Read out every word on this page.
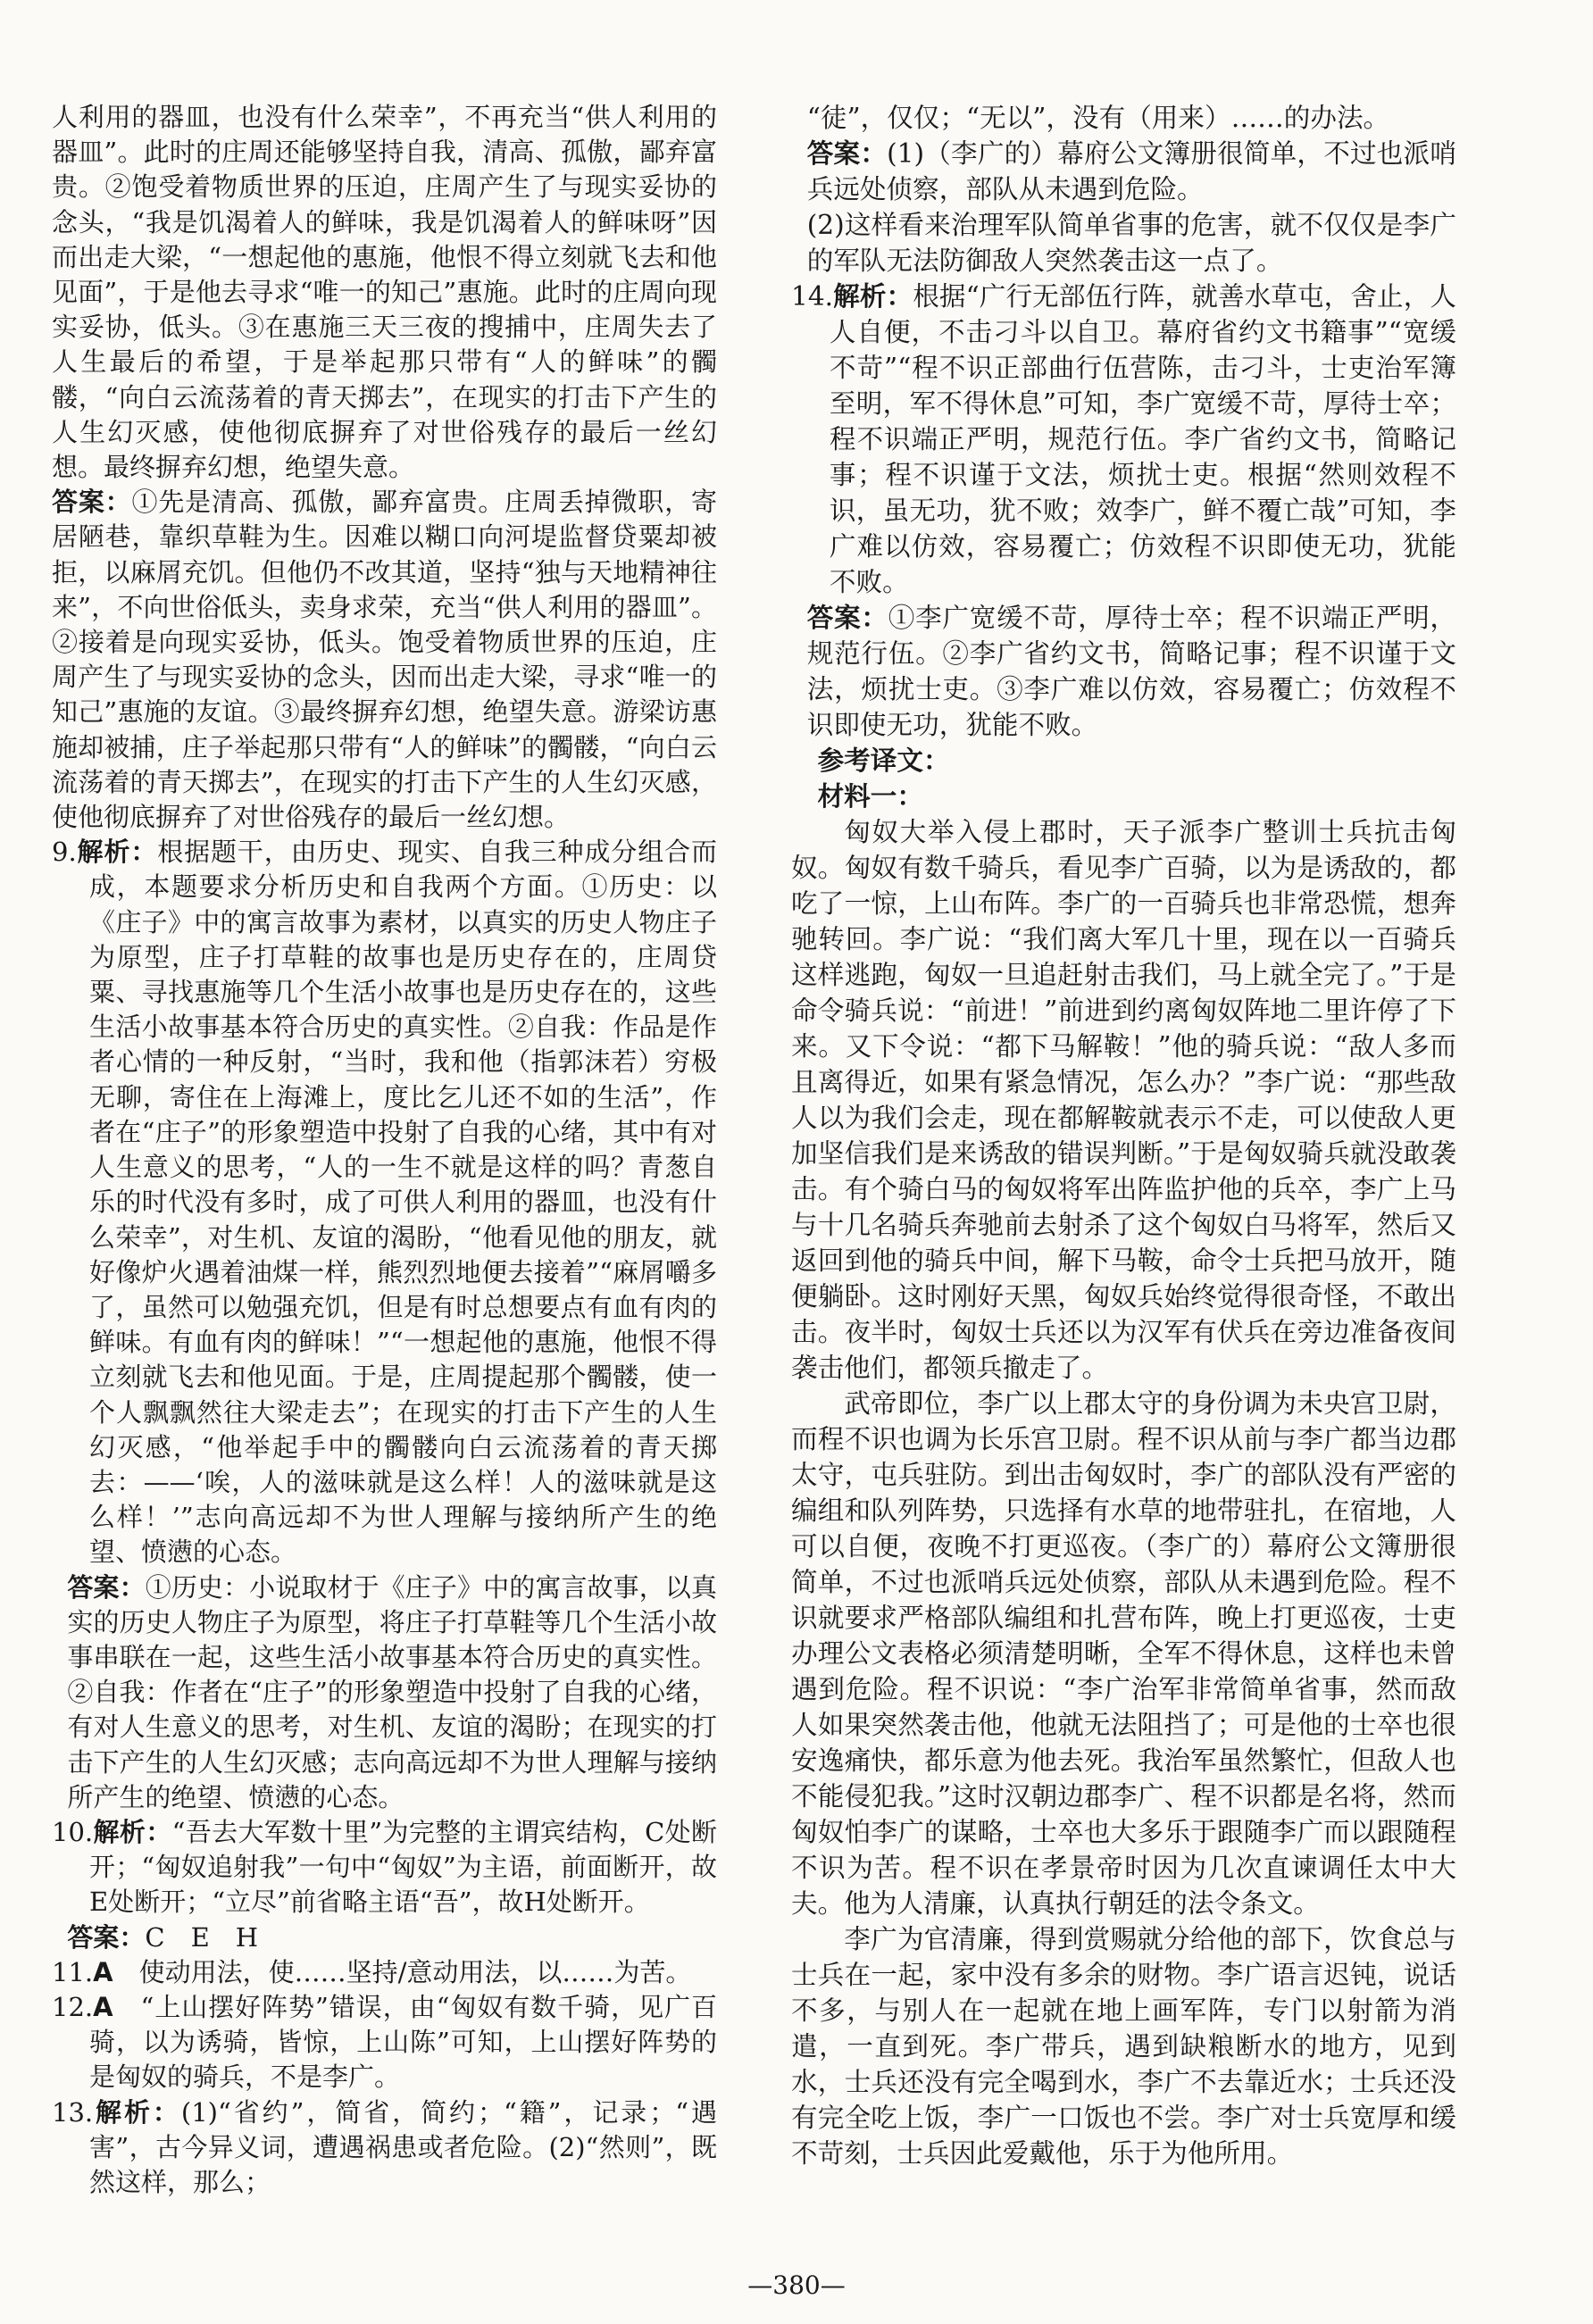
人利用的器皿，也没有什么荣幸”，不再充当“供人利用的器皿”。此时的庄周还能够坚持自我，清高、孤傲，鄙弃富贵。②饱受着物质世界的压迫，庄周产生了与现实妥协的念头，“我是饥渴着人的鲜味，我是饥渴着人的鲜味呀”因而出走大梁，“一想起他的惠施，他恨不得立刻就飞去和他见面”，于是他去寻求“唯一的知己”惠施。此时的庄周向现实妥协，低头。③在惠施三天三夜的搜捕中，庄周失去了人生最后的希望，于是举起那只带有“人的鲜味”的髑髅，“向白云流荡着的青天掷去”，在现实的打击下产生的人生幻灭感，使他彻底摒弃了对世俗残存的最后一丝幻想。最终摒弃幻想，绝望失意。

答案：①先是清高、孤傲，鄙弃富贵。庄周丢掉微职，寄居陋巷，靠织草鞋为生。因难以糊口向河堤监督贷粟却被拒，以麻屑充饥。但他仍不改其道，坚持“独与天地精神往来”，不向世俗低头，卖身求荣，充当“供人利用的器皿”。②接着是向现实妥协，低头。饱受着物质世界的压迫，庄周产生了与现实妥协的念头，因而出走大梁，寻求“唯一的知己”惠施的友谊。③最终摒弃幻想，绝望失意。游梁访惠施却被捕，庄子举起那只带有“人的鲜味”的髑髅，“向白云流荡着的青天掷去”，在现实的打击下产生的人生幻灭感，使他彻底摒弃了对世俗残存的最后一丝幻想。

9.解析：根据题干，由历史、现实、自我三种成分组合而成，本题要求分析历史和自我两个方面。①历史：以《庄子》中的寓言故事为素材，以真实的历史人物庄子为原型，庄子打草鞋的故事也是历史存在的，庄周贷粟、寻找惠施等几个生活小故事也是历史存在的，这些生活小故事基本符合历史的真实性。②自我：作品是作者心情的一种反射，“当时，我和他（指郭沫若）穷极无聊，寄住在上海滩上，度比乞儿还不如的生活”，作者在“庄子”的形象塑造中投射了自我的心绪，其中有对人生意义的思考，“人的一生不就是这样的吗？青葱自乐的时代没有多时，成了可供人利用的器皿，也没有什么荣幸”，对生机、友谊的渴盼，“他看见他的朋友，就好像炉火遇着油煤一样，熊烈烈地便去接着”“麻屑嚼多了，虽然可以勉强充饥，但是有时总想要点有血有肉的鲜味。有血有肉的鲜味！”“一想起他的惠施，他恨不得立刻就飞去和他见面。于是，庄周提起那个髑髅，使一个人飘飘然往大梁走去”；在现实的打击下产生的人生幻灭感，“他举起手中的髑髅向白云流荡着的青天掷去：——‘唉，人的滋味就是这么样！人的滋味就是这么样！’”志向高远却不为世人理解与接纳所产生的绝望、愤懑的心态。

答案：①历史：小说取材于《庄子》中的寓言故事，以真实的历史人物庄子为原型，将庄子打草鞋等几个生活小故事串联在一起，这些生活小故事基本符合历史的真实性。②自我：作者在“庄子”的形象塑造中投射了自我的心绪，有对人生意义的思考，对生机、友谊的渴盼；在现实的打击下产生的人生幻灭感；志向高远却不为世人理解与接纳所产生的绝望、愤懑的心态。

10.解析：“吾去大军数十里”为完整的主谓宾结构，C处断开；“匈奴追射我”一句中“匈奴”为主语，前面断开，故E处断开；“立尽”前省略主语“吾”，故H处断开。

答案：C　E　H

11.A　使动用法，使……坚持/意动用法，以……为苦。

12.A　“上山摆好阵势”错误，由“匈奴有数千骑，见广百骑，以为诱骑，皆惊，上山陈”可知，上山摆好阵势的是匈奴的骑兵，不是李广。

13.解析：(1)“省约”，简省，简约；“籍”，记录；“遇害”，古今异义词，遭遇祸患或者危险。(2)“然则”，既然这样，那么；

“徒”，仅仅；“无以”，没有（用来）……的办法。

答案：(1)（李广的）幕府公文簿册很简单，不过也派哨兵远处侦察，部队从未遇到危险。

(2)这样看来治理军队简单省事的危害，就不仅仅是李广的军队无法防御敌人突然袭击这一点了。

14.解析：根据“广行无部伍行阵，就善水草屯，舍止，人人自便，不击刁斗以自卫。幕府省约文书籍事”“宽缓不苛”“程不识正部曲行伍营陈，击刁斗，士吏治军簿至明，军不得休息”可知，李广宽缓不苛，厚待士卒；程不识端正严明，规范行伍。李广省约文书，简略记事；程不识谨于文法，烦扰士吏。根据“然则效程不识，虽无功，犹不败；效李广，鲜不覆亡哉”可知，李广难以仿效，容易覆亡；仿效程不识即使无功，犹能不败。

答案：①李广宽缓不苛，厚待士卒；程不识端正严明，规范行伍。②李广省约文书，简略记事；程不识谨于文法，烦扰士吏。③李广难以仿效，容易覆亡；仿效程不识即使无功，犹能不败。

参考译文：

材料一：

匈奴大举入侵上郡时，天子派李广整训士兵抗击匈奴。匈奴有数千骑兵，看见李广百骑，以为是诱敌的，都吃了一惊，上山布阵。李广的一百骑兵也非常恐慌，想奔驰转回。李广说：“我们离大军几十里，现在以一百骑兵这样逃跑，匈奴一旦追赶射击我们，马上就全完了。”于是命令骑兵说：“前进！”前进到约离匈奴阵地二里许停了下来。又下令说：“都下马解鞍！”他的骑兵说：“敌人多而且离得近，如果有紧急情况，怎么办？”李广说：“那些敌人以为我们会走，现在都解鞍就表示不走，可以使敌人更加坚信我们是来诱敌的错误判断。”于是匈奴骑兵就没敢袭击。有个骑白马的匈奴将军出阵监护他的兵卒，李广上马与十几名骑兵奔驰前去射杀了这个匈奴白马将军，然后又返回到他的骑兵中间，解下马鞍，命令士兵把马放开，随便躺卧。这时刚好天黑，匈奴兵始终觉得很奇怪，不敢出击。夜半时，匈奴士兵还以为汉军有伏兵在旁边准备夜间袭击他们，都领兵撤走了。

武帝即位，李广以上郡太守的身份调为未央宫卫尉，而程不识也调为长乐宫卫尉。程不识从前与李广都当边郡太守，屯兵驻防。到出击匈奴时，李广的部队没有严密的编组和队列阵势，只选择有水草的地带驻扎，在宿地，人可以自便，夜晚不打更巡夜。（李广的）幕府公文簿册很简单，不过也派哨兵远处侦察，部队从未遇到危险。程不识就要求严格部队编组和扎营布阵，晚上打更巡夜，士吏办理公文表格必须清楚明晰，全军不得休息，这样也未曾遇到危险。程不识说：“李广治军非常简单省事，然而敌人如果突然袭击他，他就无法阻挡了；可是他的士卒也很安逸痛快，都乐意为他去死。我治军虽然繁忙，但敌人也不能侵犯我。”这时汉朝边郡李广、程不识都是名将，然而匈奴怕李广的谋略，士卒也大多乐于跟随李广而以跟随程不识为苦。程不识在孝景帝时因为几次直谏调任太中大夫。他为人清廉，认真执行朝廷的法令条文。

李广为官清廉，得到赏赐就分给他的部下，饮食总与士兵在一起，家中没有多余的财物。李广语言迟钝，说话不多，与别人在一起就在地上画军阵，专门以射箭为消遣，一直到死。李广带兵，遇到缺粮断水的地方，见到水，士兵还没有完全喝到水，李广不去靠近水；士兵还没有完全吃上饭，李广一口饭也不尝。李广对士兵宽厚和缓不苛刻，士兵因此爱戴他，乐于为他所用。

—380—
